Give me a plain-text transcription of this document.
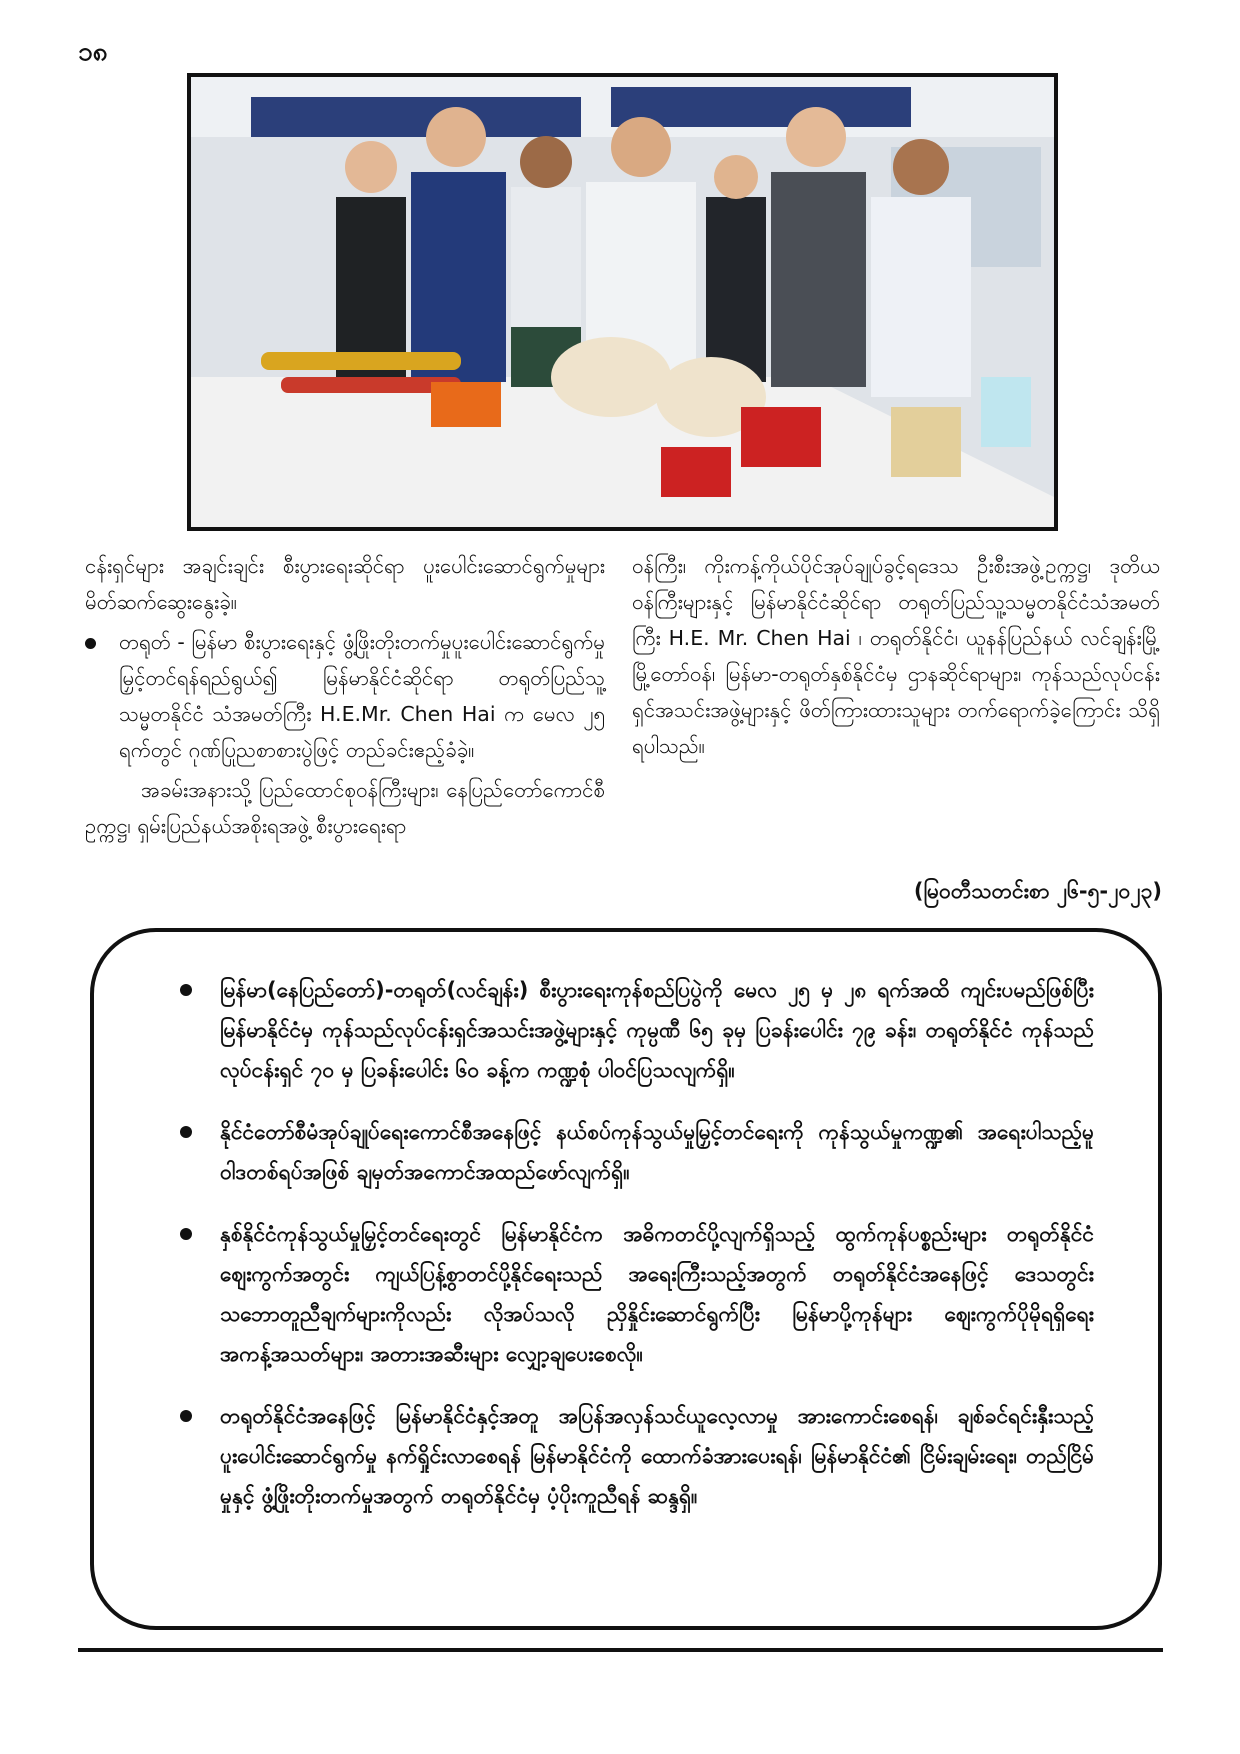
၁၈

ငန်းရှင်များ အချင်းချင်း စီးပွားရေးဆိုင်ရာ ပူးပေါင်းဆောင်ရွက်မှုများ မိတ်ဆက်ဆွေးနွေးခဲ့။

တရုတ် - မြန်မာ စီးပွားရေးနှင့် ဖွံ့ဖြိုးတိုးတက်မှုပူးပေါင်းဆောင်ရွက်မှုမြှင့်တင်ရန်ရည်ရွယ်၍ မြန်မာနိုင်ငံဆိုင်ရာ တရုတ်ပြည်သူ့သမ္မတနိုင်ငံ သံအမတ်ကြီး H.E.Mr. Chen Hai က မေလ ၂၅ ရက်တွင် ဂုဏ်ပြုညစာစားပွဲဖြင့် တည်ခင်းဧည့်ခံခဲ့။

အခမ်းအနားသို့ ပြည်ထောင်စုဝန်ကြီးများ၊ နေပြည်တော်ကောင်စီဥက္ကဋ္ဌ၊ ရှမ်းပြည်နယ်အစိုးရအဖွဲ့ စီးပွားရေးရာ

ဝန်ကြီး၊ ကိုးကန့်ကိုယ်ပိုင်အုပ်ချုပ်ခွင့်ရဒေသ ဦးစီးအဖွဲ့ဥက္ကဋ္ဌ၊ ဒုတိယဝန်ကြီးများနှင့် မြန်မာနိုင်ငံဆိုင်ရာ တရုတ်ပြည်သူ့သမ္မတနိုင်ငံသံအမတ်ကြီး H.E. Mr. Chen Hai ၊ တရုတ်နိုင်ငံ၊ ယူနန်ပြည်နယ် လင်ချန်းမြို့မြို့တော်ဝန်၊ မြန်မာ-တရုတ်နှစ်နိုင်ငံမှ ဌာနဆိုင်ရာများ၊ ကုန်သည်လုပ်ငန်းရှင်အသင်းအဖွဲ့များနှင့် ဖိတ်ကြားထားသူများ တက်ရောက်ခဲ့ကြောင်း သိရှိရပါသည်။

(မြဝတီသတင်းစာ ၂၆-၅-၂၀၂၃)
မြန်မာ(နေပြည်တော်)-တရုတ်(လင်ချန်း) စီးပွားရေးကုန်စည်ပြပွဲကို မေလ ၂၅ မှ ၂၈ ရက်အထိ ကျင်းပမည်ဖြစ်ပြီး မြန်မာနိုင်ငံမှ ကုန်သည်လုပ်ငန်းရှင်အသင်းအဖွဲ့များနှင့် ကုမ္ပဏီ ၆၅ ခုမှ ပြခန်းပေါင်း ၇၉ ခန်း၊ တရုတ်နိုင်ငံ ကုန်သည်လုပ်ငန်းရှင် ၇၀ မှ ပြခန်းပေါင်း ၆၀ ခန့်က ကဏ္ဍစုံ ပါဝင်ပြသလျက်ရှိ။
နိုင်ငံတော်စီမံအုပ်ချုပ်ရေးကောင်စီအနေဖြင့် နယ်စပ်ကုန်သွယ်မှုမြှင့်တင်ရေးကို ကုန်သွယ်မှုကဏ္ဍ၏ အရေးပါသည့်မူဝါဒတစ်ရပ်အဖြစ် ချမှတ်အကောင်အထည်ဖော်လျက်ရှိ။
နှစ်နိုင်ငံကုန်သွယ်မှုမြှင့်တင်ရေးတွင် မြန်မာနိုင်ငံက အဓိကတင်ပို့လျက်ရှိသည့် ထွက်ကုန်ပစ္စည်းများ တရုတ်နိုင်ငံဈေးကွက်အတွင်း ကျယ်ပြန့်စွာတင်ပို့နိုင်ရေးသည် အရေးကြီးသည့်အတွက် တရုတ်နိုင်ငံအနေဖြင့် ဒေသတွင်းသဘောတူညီချက်များကိုလည်း လိုအပ်သလို ညှိနှိုင်းဆောင်ရွက်ပြီး မြန်မာပို့ကုန်များ ဈေးကွက်ပိုမိုရရှိရေး အကန့်အသတ်များ၊ အတားအဆီးများ လျှော့ချပေးစေလို။
တရုတ်နိုင်ငံအနေဖြင့် မြန်မာနိုင်ငံနှင့်အတူ အပြန်အလှန်သင်ယူလေ့လာမှု အားကောင်းစေရန်၊ ချစ်ခင်ရင်းနှီးသည့် ပူးပေါင်းဆောင်ရွက်မှု နက်ရှိုင်းလာစေရန် မြန်မာနိုင်ငံကို ထောက်ခံအားပေးရန်၊ မြန်မာနိုင်ငံ၏ ငြိမ်းချမ်းရေး၊ တည်ငြိမ်မှုနှင့် ဖွံ့ဖြိုးတိုးတက်မှုအတွက် တရုတ်နိုင်ငံမှ ပံ့ပိုးကူညီရန် ဆန္ဒရှိ။
